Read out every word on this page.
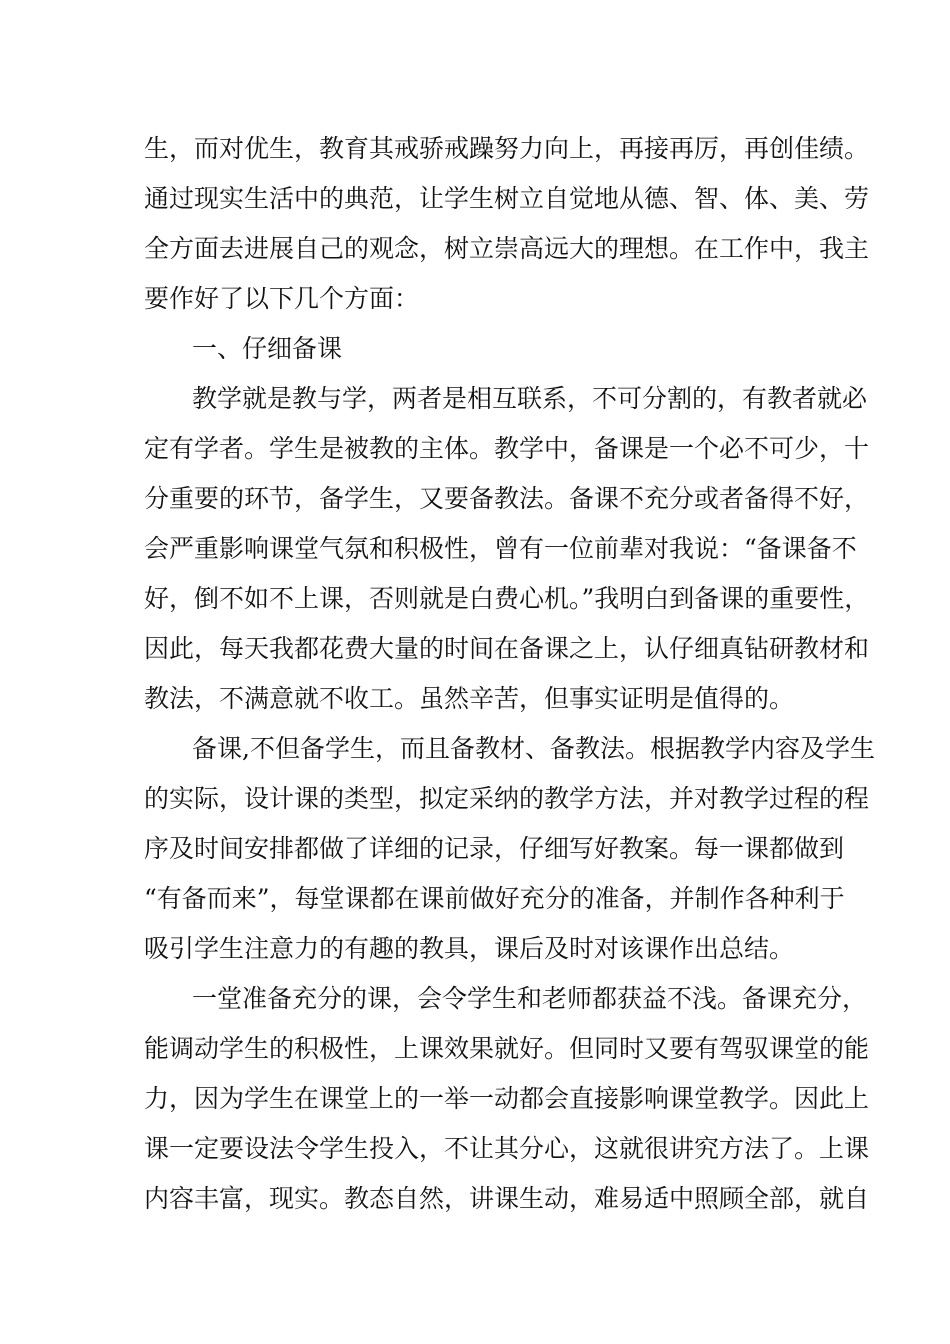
生，而对优生，教育其戒骄戒躁努力向上，再接再厉，再创佳绩。
通过现实生活中的典范，让学生树立自觉地从德、智、体、美、劳
全方面去进展自己的观念，树立崇高远大的理想。在工作中，我主
要作好了以下几个方面：
一、仔细备课
教学就是教与学，两者是相互联系，不可分割的，有教者就必
定有学者。学生是被教的主体。教学中，备课是一个必不可少，十
分重要的环节，备学生，又要备教法。备课不充分或者备得不好，
会严重影响课堂气氛和积极性，曾有一位前辈对我说：“备课备不
好，倒不如不上课，否则就是白费心机。”我明白到备课的重要性，
因此，每天我都花费大量的时间在备课之上，认仔细真钻研教材和
教法，不满意就不收工。虽然辛苦，但事实证明是值得的。
备课,不但备学生，而且备教材、备教法。根据教学内容及学生
的实际，设计课的类型，拟定采纳的教学方法，并对教学过程的程
序及时间安排都做了详细的记录，仔细写好教案。每一课都做到
“有备而来”，每堂课都在课前做好充分的准备，并制作各种利于
吸引学生注意力的有趣的教具，课后及时对该课作出总结。
一堂准备充分的课，会令学生和老师都获益不浅。备课充分，
能调动学生的积极性，上课效果就好。但同时又要有驾驭课堂的能
力，因为学生在课堂上的一举一动都会直接影响课堂教学。因此上
课一定要设法令学生投入，不让其分心，这就很讲究方法了。上课
内容丰富，现实。教态自然，讲课生动，难易适中照顾全部，就自
